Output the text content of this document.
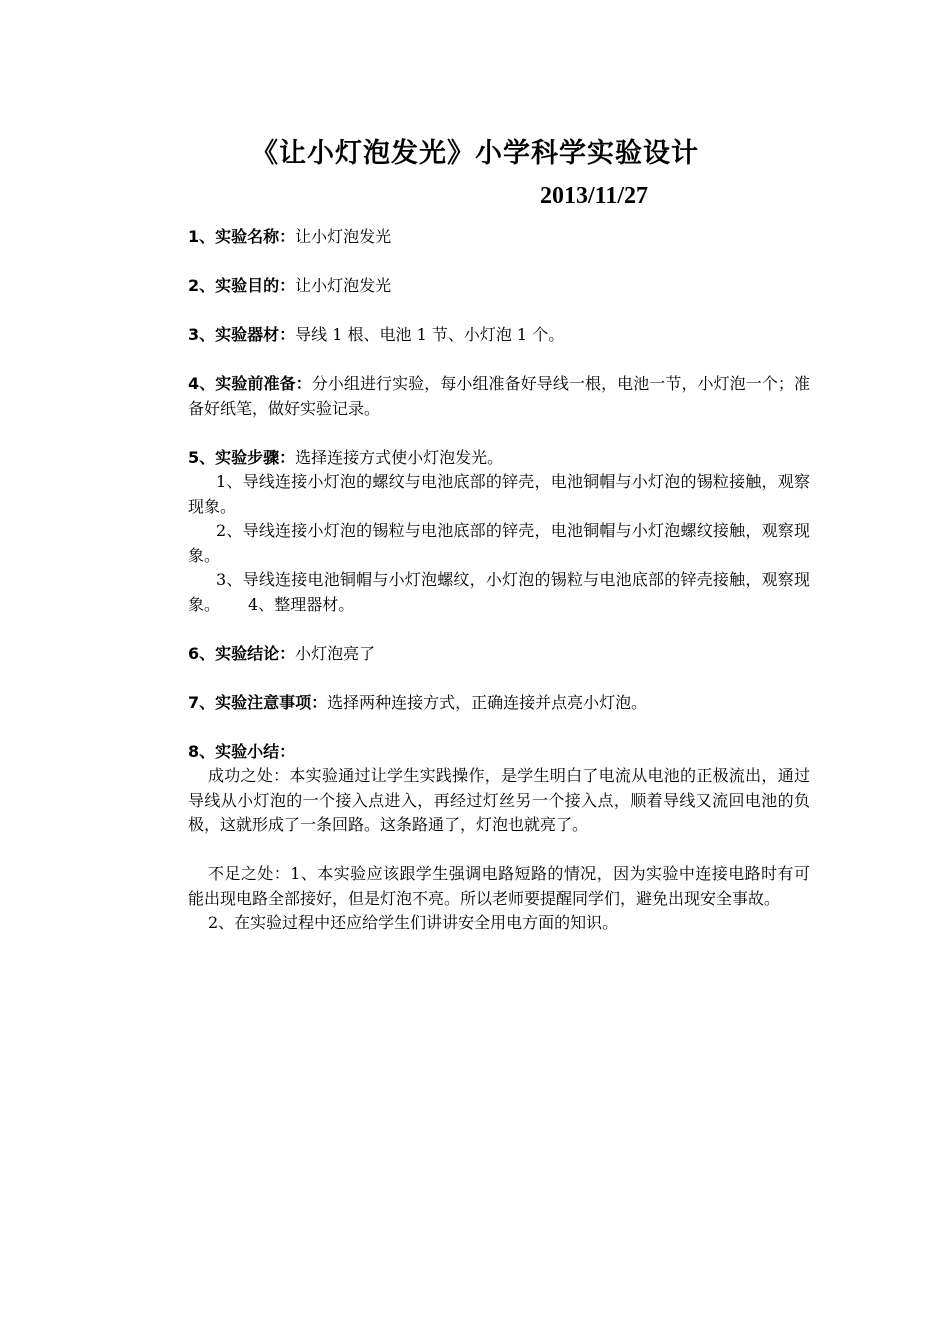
《让小灯泡发光》小学科学实验设计
2013/11/27

1、实验名称：让小灯泡发光

2、实验目的：让小灯泡发光

3、实验器材：导线 1 根、电池 1 节、小灯泡 1 个。

4、实验前准备：分小组进行实验，每小组准备好导线一根，电池一节，小灯泡一个；准备好纸笔，做好实验记录。

5、实验步骤：选择连接方式使小灯泡发光。

1、导线连接小灯泡的螺纹与电池底部的锌壳，电池铜帽与小灯泡的锡粒接触，观察现象。

2、导线连接小灯泡的锡粒与电池底部的锌壳，电池铜帽与小灯泡螺纹接触，观察现象。

3、导线连接电池铜帽与小灯泡螺纹，小灯泡的锡粒与电池底部的锌壳接触，观察现象。 4、整理器材。

6、实验结论：小灯泡亮了

7、实验注意事项：选择两种连接方式，正确连接并点亮小灯泡。

8、实验小结：

成功之处：本实验通过让学生实践操作，是学生明白了电流从电池的正极流出，通过导线从小灯泡的一个接入点进入，再经过灯丝另一个接入点，顺着导线又流回电池的负极，这就形成了一条回路。这条路通了，灯泡也就亮了。

不足之处：1、本实验应该跟学生强调电路短路的情况，因为实验中连接电路时有可能出现电路全部接好，但是灯泡不亮。所以老师要提醒同学们，避免出现安全事故。

2、在实验过程中还应给学生们讲讲安全用电方面的知识。
